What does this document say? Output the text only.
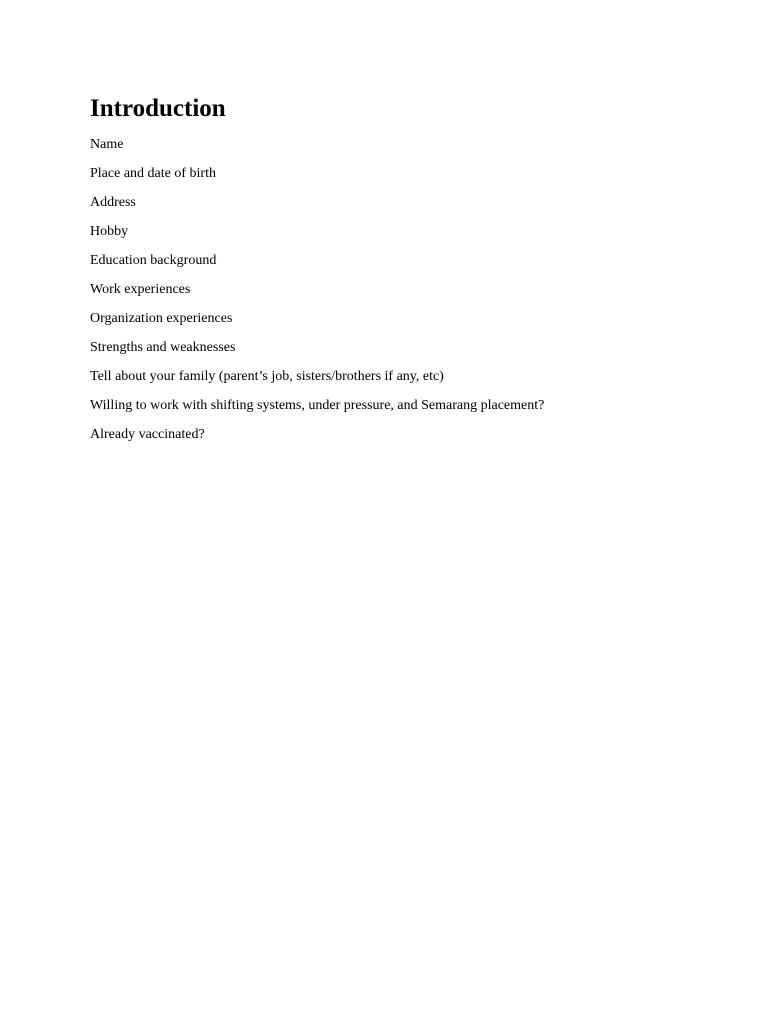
Introduction
Name
Place and date of birth
Address
Hobby
Education background
Work experiences
Organization experiences
Strengths and weaknesses
Tell about your family (parent’s job, sisters/brothers if any, etc)
Willing to work with shifting systems, under pressure, and Semarang placement?
Already vaccinated?
